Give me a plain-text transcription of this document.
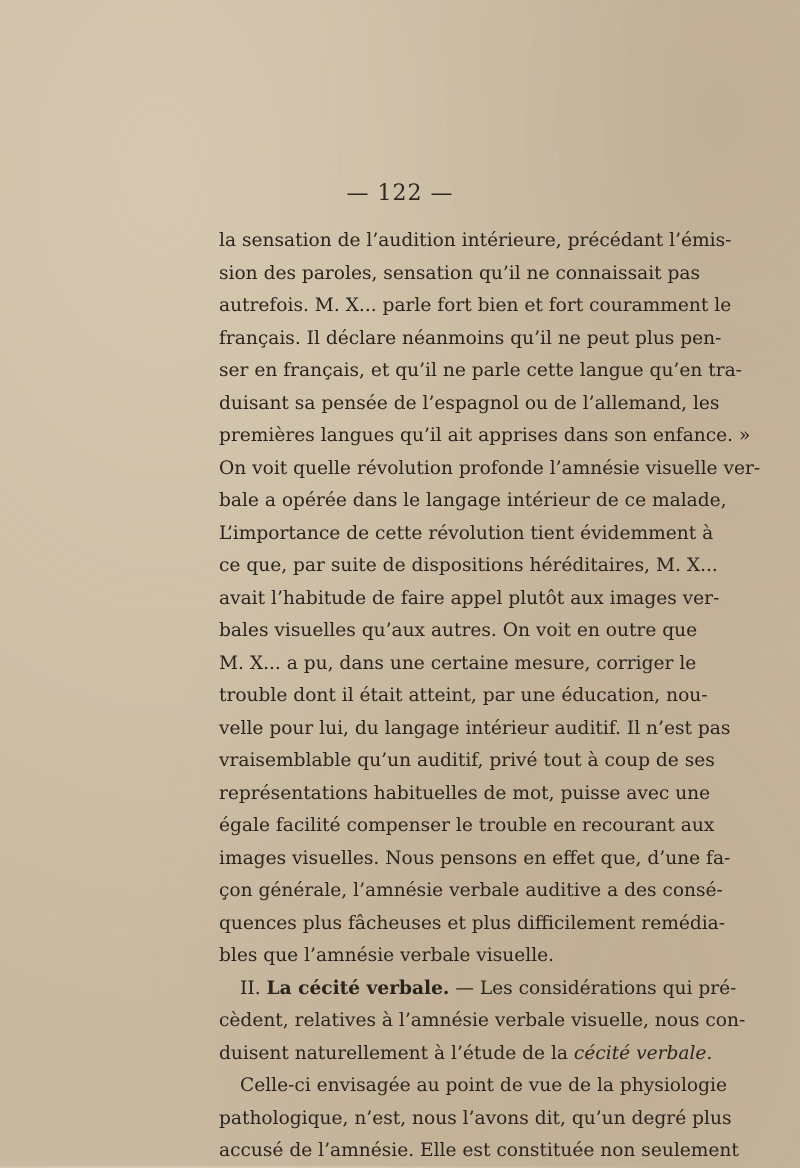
— 122 —
la sensation de l’audition intérieure, précédant l’émis-
sion des paroles, sensation qu’il ne connaissait pas
autrefois. M. X... parle fort bien et fort couramment le
français. Il déclare néanmoins qu’il ne peut plus pen-
ser en français, et qu’il ne parle cette langue qu’en tra-
duisant sa pensée de l’espagnol ou de l’allemand, les
premières langues qu’il ait apprises dans son enfance. »
On voit quelle révolution profonde l’amnésie visuelle ver-
bale a opérée dans le langage intérieur de ce malade,
L’importance de cette révolution tient évidemment à
ce que, par suite de dispositions héréditaires, M. X...
avait l’habitude de faire appel plutôt aux images ver-
bales visuelles qu’aux autres. On voit en outre que
M. X... a pu, dans une certaine mesure, corriger le
trouble dont il était atteint, par une éducation, nou-
velle pour lui, du langage intérieur auditif. Il n’est pas
vraisemblable qu’un auditif, privé tout à coup de ses
représentations habituelles de mot, puisse avec une
égale facilité compenser le trouble en recourant aux
images visuelles. Nous pensons en effet que, d’une fa-
çon générale, l’amnésie verbale auditive a des consé-
quences plus fâcheuses et plus difficilement remédia-
bles que l’amnésie verbale visuelle.
II. La cécité verbale. — Les considérations qui pré-
cèdent, relatives à l’amnésie verbale visuelle, nous con-
duisent naturellement à l’étude de la cécité verbale.
Celle-ci envisagée au point de vue de la physiologie
pathologique, n’est, nous l’avons dit, qu’un degré plus
accusé de l’amnésie. Elle est constituée non seulement
